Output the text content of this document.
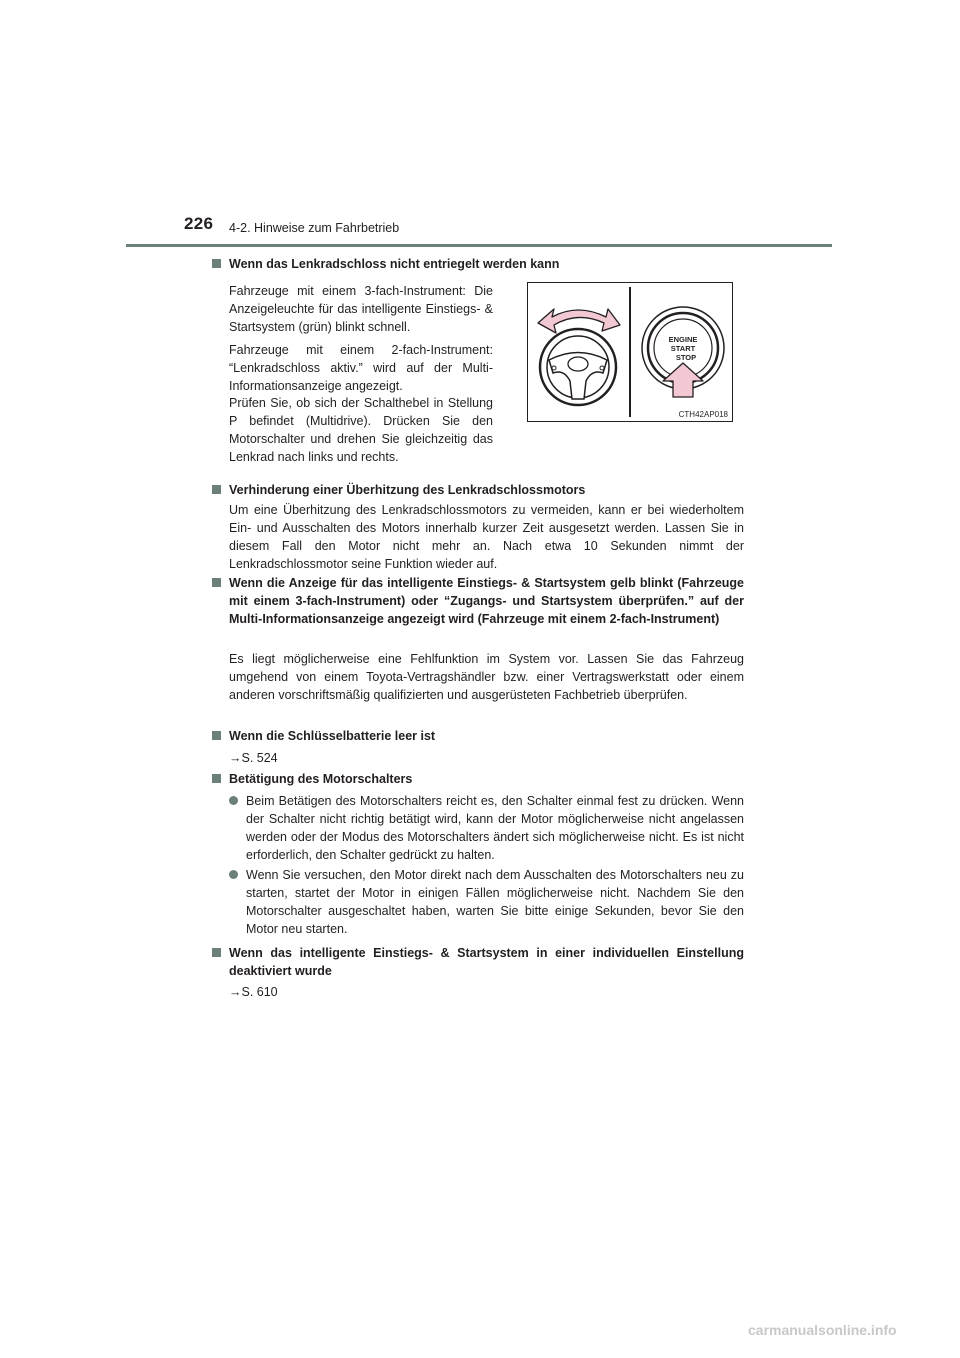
226 4-2. Hinweise zum Fahrbetrieb
Wenn das Lenkradschloss nicht entriegelt werden kann
Fahrzeuge mit einem 3-fach-Instrument: Die Anzeigeleuchte für das intelligente Einstiegs- & Startsystem (grün) blinkt schnell.
Fahrzeuge mit einem 2-fach-Instrument: “Lenkradschloss aktiv.” wird auf der Multi-Informationsanzeige angezeigt.
Prüfen Sie, ob sich der Schalthebel in Stellung P befindet (Multidrive). Drücken Sie den Motorschalter und drehen Sie gleichzeitig das Lenkrad nach links und rechts.
ENGINE
START
STOP
CTH42AP018
Verhinderung einer Überhitzung des Lenkradschlossmotors
Um eine Überhitzung des Lenkradschlossmotors zu vermeiden, kann er bei wiederholtem Ein- und Ausschalten des Motors innerhalb kurzer Zeit ausgesetzt werden. Lassen Sie in diesem Fall den Motor nicht mehr an. Nach etwa 10 Sekunden nimmt der Lenkradschlossmotor seine Funktion wieder auf.
Wenn die Anzeige für das intelligente Einstiegs- & Startsystem gelb blinkt (Fahrzeuge mit einem 3-fach-Instrument) oder “Zugangs- und Startsystem überprüfen.” auf der Multi-Informationsanzeige angezeigt wird (Fahrzeuge mit einem 2-fach-Instrument)
Es liegt möglicherweise eine Fehlfunktion im System vor. Lassen Sie das Fahrzeug umgehend von einem Toyota-Vertragshändler bzw. einer Vertragswerkstatt oder einem anderen vorschriftsmäßig qualifizierten und ausgerüsteten Fachbetrieb überprüfen.
Wenn die Schlüsselbatterie leer ist
→S. 524
Betätigung des Motorschalters
Beim Betätigen des Motorschalters reicht es, den Schalter einmal fest zu drücken. Wenn der Schalter nicht richtig betätigt wird, kann der Motor möglicherweise nicht angelassen werden oder der Modus des Motorschalters ändert sich möglicherweise nicht. Es ist nicht erforderlich, den Schalter gedrückt zu halten.
Wenn Sie versuchen, den Motor direkt nach dem Ausschalten des Motorschalters neu zu starten, startet der Motor in einigen Fällen möglicherweise nicht. Nachdem Sie den Motorschalter ausgeschaltet haben, warten Sie bitte einige Sekunden, bevor Sie den Motor neu starten.
Wenn das intelligente Einstiegs- & Startsystem in einer individuellen Einstellung deaktiviert wurde
→S. 610
carmanualsonline.info
